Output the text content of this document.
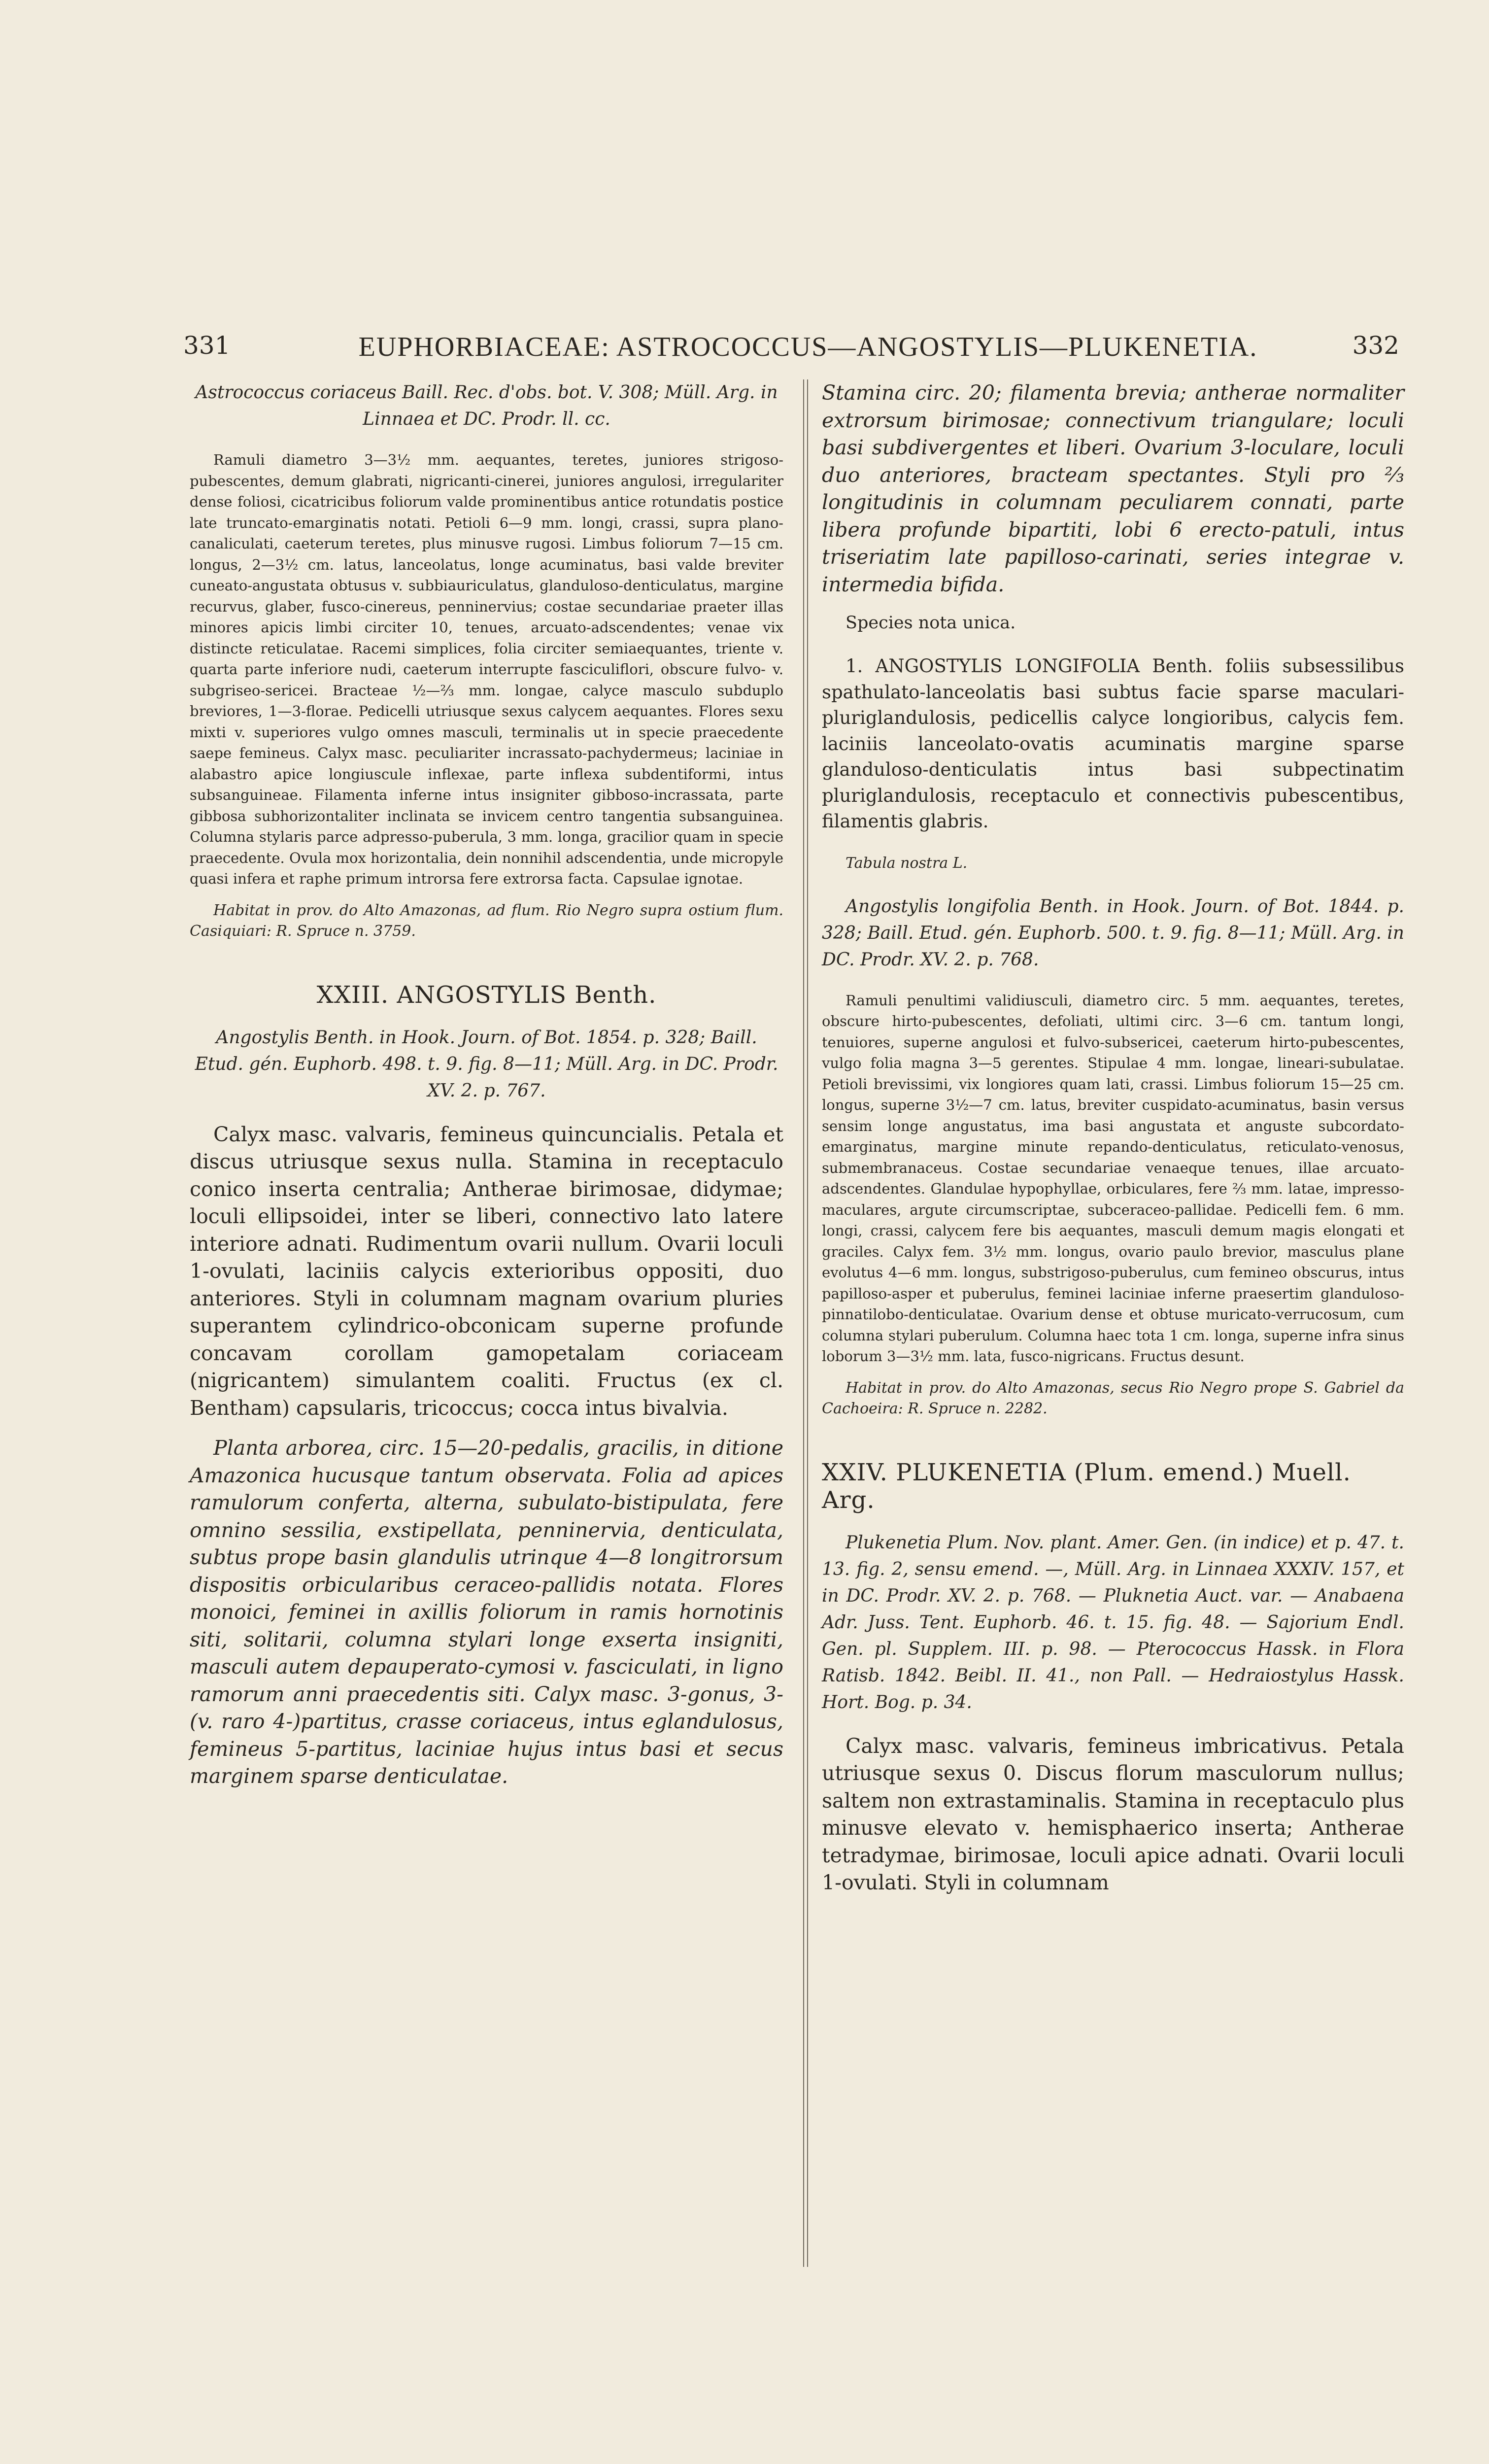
331	EUPHORBIACEAE: ASTROCOCCUS—ANGOSTYLIS—PLUKENETIA.	332

Astrococcus coriaceus Baill. Rec. d'obs. bot. V. 308; Müll. Arg. in Linnaea et DC. Prodr. ll. cc.

Ramuli diametro 3—3½ mm. aequantes, teretes, juniores strigoso-pubescentes, demum glabrati, nigricanti-cinerei, juniores angulosi, irregulariter dense foliosi, cicatricibus foliorum valde prominentibus antice rotundatis postice late truncato-emarginatis notati. Petioli 6—9 mm. longi, crassi, supra plano-canaliculati, caeterum teretes, plus minusve rugosi. Limbus foliorum 7—15 cm. longus, 2—3½ cm. latus, lanceolatus, longe acuminatus, basi valde breviter cuneato-angustata obtusus v. subbiauriculatus, glanduloso-denticulatus, margine recurvus, glaber, fusco-cinereus, penninervius; costae secundariae praeter illas minores apicis limbi circiter 10, tenues, arcuato-adscendentes; venae vix distincte reticulatae. Racemi simplices, folia circiter semiaequantes, triente v. quarta parte inferiore nudi, caeterum interrupte fasciculiflori, obscure fulvo- v. subgriseo-sericei. Bracteae ½—⅔ mm. longae, calyce masculo subduplo breviores, 1—3-florae. Pedicelli utriusque sexus calycem aequantes. Flores sexu mixti v. superiores vulgo omnes masculi, terminalis ut in specie praecedente saepe femineus. Calyx masc. peculiariter incrassato-pachydermeus; laciniae in alabastro apice longiuscule inflexae, parte inflexa subdentiformi, intus subsanguineae. Filamenta inferne intus insigniter gibboso-incrassata, parte gibbosa subhorizontaliter inclinata se invicem centro tangentia subsanguinea. Columna stylaris parce adpresso-puberula, 3 mm. longa, gracilior quam in specie praecedente. Ovula mox horizontalia, dein nonnihil adscendentia, unde micropyle quasi infera et raphe primum introrsa fere extrorsa facta. Capsulae ignotae.

Habitat in prov. do Alto Amazonas, ad flum. Rio Negro supra ostium flum. Casiquiari: R. Spruce n. 3759.

XXIII. ANGOSTYLIS Benth.

Angostylis Benth. in Hook. Journ. of Bot. 1854. p. 328; Baill. Etud. gén. Euphorb. 498. t. 9. fig. 8—11; Müll. Arg. in DC. Prodr. XV. 2. p. 767.

Calyx masc. valvaris, femineus quincuncialis. Petala et discus utriusque sexus nulla. Stamina in receptaculo conico inserta centralia; Antherae birimosae, didymae; loculi ellipsoidei, inter se liberi, connectivo lato latere interiore adnati. Rudimentum ovarii nullum. Ovarii loculi 1-ovulati, laciniis calycis exterioribus oppositi, duo anteriores. Styli in columnam magnam ovarium pluries superantem cylindrico-obconicam superne profunde concavam corollam gamopetalam coriaceam (nigricantem) simulantem coaliti. Fructus (ex cl. Bentham) capsularis, tricoccus; cocca intus bivalvia.

Planta arborea, circ. 15—20-pedalis, gracilis, in ditione Amazonica hucusque tantum observata. Folia ad apices ramulorum conferta, alterna, subulato-bistipulata, fere omnino sessilia, exstipellata, penninervia, denticulata, subtus prope basin glandulis utrinque 4—8 longitrorsum dispositis orbicularibus ceraceo-pallidis notata. Flores monoici, feminei in axillis foliorum in ramis hornotinis siti, solitarii, columna stylari longe exserta insigniti, masculi autem depauperato-cymosi v. fasciculati, in ligno ramorum anni praecedentis siti. Calyx masc. 3-gonus, 3- (v. raro 4-)partitus, crasse coriaceus, intus eglandulosus, femineus 5-partitus, laciniae hujus intus basi et secus marginem sparse denticulatae.

Stamina circ. 20; filamenta brevia; antherae normaliter extrorsum birimosae; connectivum triangulare; loculi basi subdivergentes et liberi. Ovarium 3-loculare, loculi duo anteriores, bracteam spectantes. Styli pro ⅔ longitudinis in columnam peculiarem connati, parte libera profunde bipartiti, lobi 6 erecto-patuli, intus triseriatim late papilloso-carinati, series integrae v. intermedia bifida.

Species nota unica.

1. ANGOSTYLIS LONGIFOLIA Benth. foliis subsessilibus spathulato-lanceolatis basi subtus facie sparse maculari-pluriglandulosis, pedicellis calyce longioribus, calycis fem. laciniis lanceolato-ovatis acuminatis margine sparse glanduloso-denticulatis intus basi subpectinatim pluriglandulosis, receptaculo et connectivis pubescentibus, filamentis glabris.

Tabula nostra L.

Angostylis longifolia Benth. in Hook. Journ. of Bot. 1844. p. 328; Baill. Etud. gén. Euphorb. 500. t. 9. fig. 8—11; Müll. Arg. in DC. Prodr. XV. 2. p. 768.

Ramuli penultimi validiusculi, diametro circ. 5 mm. aequantes, teretes, obscure hirto-pubescentes, defoliati, ultimi circ. 3—6 cm. tantum longi, tenuiores, superne angulosi et fulvo-subsericei, caeterum hirto-pubescentes, vulgo folia magna 3—5 gerentes. Stipulae 4 mm. longae, lineari-subulatae. Petioli brevissimi, vix longiores quam lati, crassi. Limbus foliorum 15—25 cm. longus, superne 3½—7 cm. latus, breviter cuspidato-acuminatus, basin versus sensim longe angustatus, ima basi angustata et anguste subcordato-emarginatus, margine minute repando-denticulatus, reticulato-venosus, submembranaceus. Costae secundariae venaeque tenues, illae arcuato-adscendentes. Glandulae hypophyllae, orbiculares, fere ⅔ mm. latae, impresso-maculares, argute circumscriptae, subceraceo-pallidae. Pedicelli fem. 6 mm. longi, crassi, calycem fere bis aequantes, masculi demum magis elongati et graciles. Calyx fem. 3½ mm. longus, ovario paulo brevior, masculus plane evolutus 4—6 mm. longus, substrigoso-puberulus, cum femineo obscurus, intus papilloso-asper et puberulus, feminei laciniae inferne praesertim glanduloso-pinnatilobo-denticulatae. Ovarium dense et obtuse muricato-verrucosum, cum columna stylari puberulum. Columna haec tota 1 cm. longa, superne infra sinus loborum 3—3½ mm. lata, fusco-nigricans. Fructus desunt.

Habitat in prov. do Alto Amazonas, secus Rio Negro prope S. Gabriel da Cachoeira: R. Spruce n. 2282.

XXIV. PLUKENETIA (Plum. emend.) Muell. Arg.

Plukenetia Plum. Nov. plant. Amer. Gen. (in indice) et p. 47. t. 13. fig. 2, sensu emend. —, Müll. Arg. in Linnaea XXXIV. 157, et in DC. Prodr. XV. 2. p. 768. — Pluknetia Auct. var. — Anabaena Adr. Juss. Tent. Euphorb. 46. t. 15. fig. 48. — Sajorium Endl. Gen. pl. Supplem. III. p. 98. — Pterococcus Hassk. in Flora Ratisb. 1842. Beibl. II. 41., non Pall. — Hedraiostylus Hassk. Hort. Bog. p. 34.

Calyx masc. valvaris, femineus imbricativus. Petala utriusque sexus 0. Discus florum masculorum nullus; saltem non extrastaminalis. Stamina in receptaculo plus minusve elevato v. hemisphaerico inserta; Antherae tetradymae, birimosae, loculi apice adnati. Ovarii loculi 1-ovulati. Styli in columnam
